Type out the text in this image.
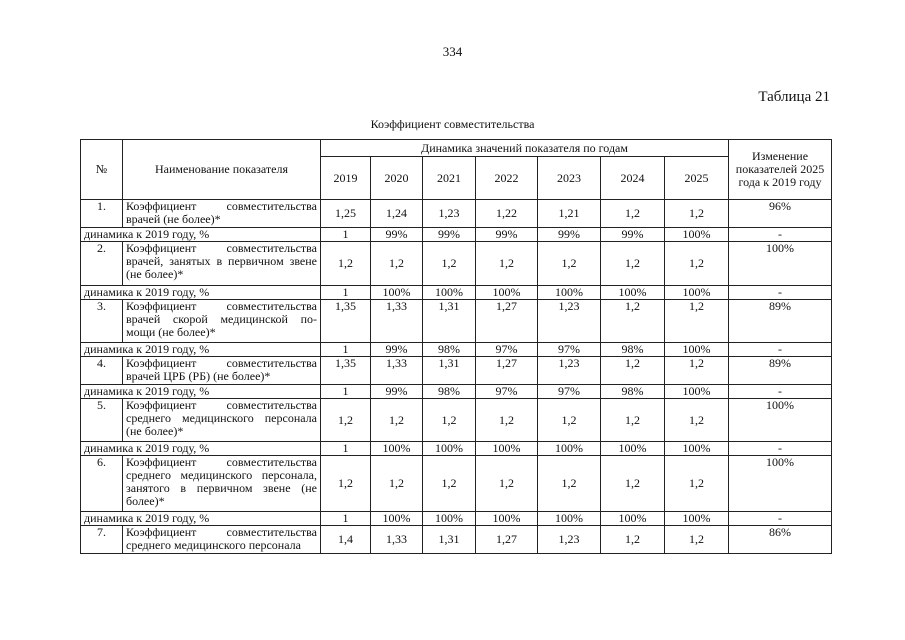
334
Таблица 21
Коэффициент совместительства
№	Наименование показателя	Динамика значений показателя по годам							Изменение показателей 2025 года к 2019 году
		2019	2020	2021	2022	2023	2024	2025	
1.	Коэффициент совместительства врачей (не более)*	1,25	1,24	1,23	1,22	1,21	1,2	1,2	96%
динамика к 2019 году, %		1	99%	99%	99%	99%	99%	100%	-
2.	Коэффициент совместительства врачей, занятых в первичном звене (не более)*	1,2	1,2	1,2	1,2	1,2	1,2	1,2	100%
динамика к 2019 году, %		1	100%	100%	100%	100%	100%	100%	-
3.	Коэффициент совместительства врачей скорой медицинской по-мощи (не более)*	1,35	1,33	1,31	1,27	1,23	1,2	1,2	89%
динамика к 2019 году, %		1	99%	98%	97%	97%	98%	100%	-
4.	Коэффициент совместительства врачей ЦРБ (РБ) (не более)*	1,35	1,33	1,31	1,27	1,23	1,2	1,2	89%
динамика к 2019 году, %		1	99%	98%	97%	97%	98%	100%	-
5.	Коэффициент совместительства среднего медицинского персонала (не более)*	1,2	1,2	1,2	1,2	1,2	1,2	1,2	100%
динамика к 2019 году, %		1	100%	100%	100%	100%	100%	100%	-
6.	Коэффициент совместительства среднего медицинского персонала, занятого в первичном звене (не более)*	1,2	1,2	1,2	1,2	1,2	1,2	1,2	100%
динамика к 2019 году, %		1	100%	100%	100%	100%	100%	100%	-
7.	Коэффициент совместительства среднего медицинского персонала	1,4	1,33	1,31	1,27	1,23	1,2	1,2	86%
